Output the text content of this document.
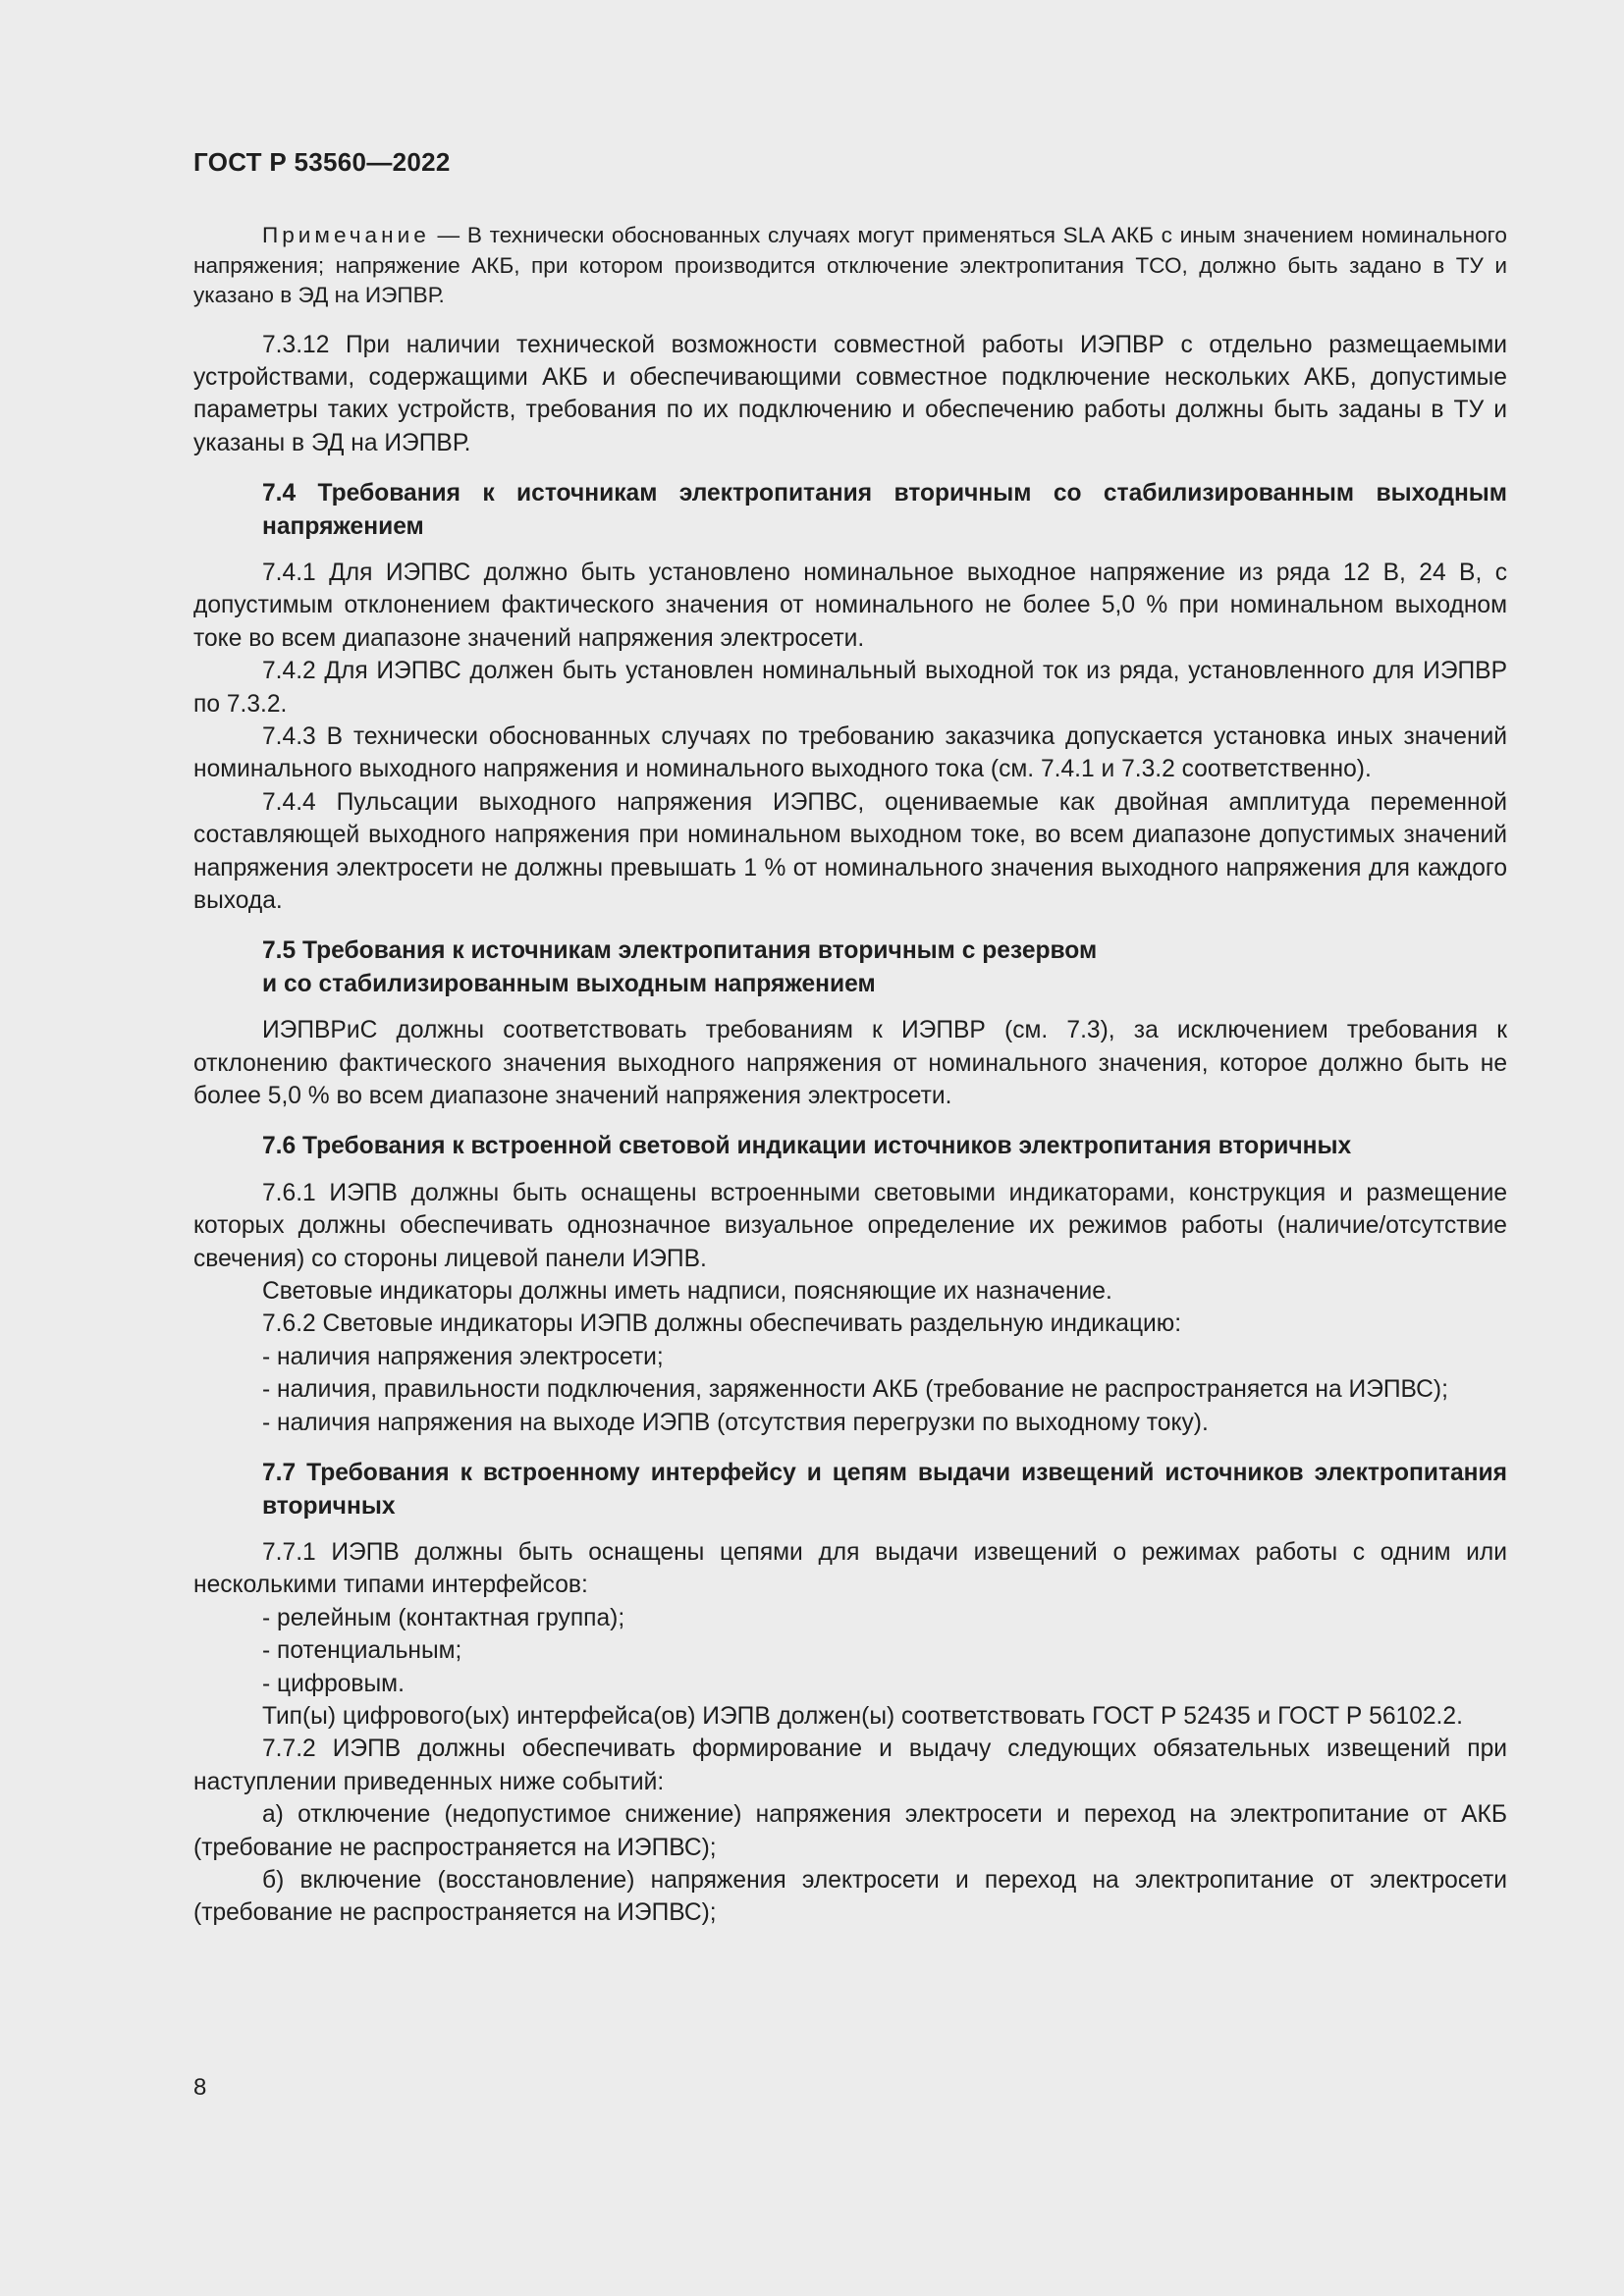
ГОСТ Р 53560—2022

Примечание — В технически обоснованных случаях могут применяться SLA АКБ с иным значением номинального напряжения; напряжение АКБ, при котором производится отключение электропитания ТСО, должно быть задано в ТУ и указано в ЭД на ИЭПВР.

7.3.12 При наличии технической возможности совместной работы ИЭПВР с отдельно размещаемыми устройствами, содержащими АКБ и обеспечивающими совместное подключение нескольких АКБ, допустимые параметры таких устройств, требования по их подключению и обеспечению работы должны быть заданы в ТУ и указаны в ЭД на ИЭПВР.

7.4 Требования к источникам электропитания вторичным со стабилизированным выходным напряжением

7.4.1 Для ИЭПВС должно быть установлено номинальное выходное напряжение из ряда 12 В, 24 В, с допустимым отклонением фактического значения от номинального не более 5,0 % при номинальном выходном токе во всем диапазоне значений напряжения электросети.

7.4.2 Для ИЭПВС должен быть установлен номинальный выходной ток из ряда, установленного для ИЭПВР по 7.3.2.

7.4.3 В технически обоснованных случаях по требованию заказчика допускается установка иных значений номинального выходного напряжения и номинального выходного тока (см. 7.4.1 и 7.3.2 соответственно).

7.4.4 Пульсации выходного напряжения ИЭПВС, оцениваемые как двойная амплитуда переменной составляющей выходного напряжения при номинальном выходном токе, во всем диапазоне допустимых значений напряжения электросети не должны превышать 1 % от номинального значения выходного напряжения для каждого выхода.

7.5 Требования к источникам электропитания вторичным с резервом
и со стабилизированным выходным напряжением

ИЭПВРиС должны соответствовать требованиям к ИЭПВР (см. 7.3), за исключением требования к отклонению фактического значения выходного напряжения от номинального значения, которое должно быть не более 5,0 % во всем диапазоне значений напряжения электросети.

7.6 Требования к встроенной световой индикации источников электропитания вторичных

7.6.1 ИЭПВ должны быть оснащены встроенными световыми индикаторами, конструкция и размещение которых должны обеспечивать однозначное визуальное определение их режимов работы (наличие/отсутствие свечения) со стороны лицевой панели ИЭПВ.

Световые индикаторы должны иметь надписи, поясняющие их назначение.

7.6.2 Световые индикаторы ИЭПВ должны обеспечивать раздельную индикацию:

- наличия напряжения электросети;

- наличия, правильности подключения, заряженности АКБ (требование не распространяется на ИЭПВС);

- наличия напряжения на выходе ИЭПВ (отсутствия перегрузки по выходному току).

7.7 Требования к встроенному интерфейсу и цепям выдачи извещений источников электропитания вторичных

7.7.1 ИЭПВ должны быть оснащены цепями для выдачи извещений о режимах работы с одним или несколькими типами интерфейсов:

- релейным (контактная группа);

- потенциальным;

- цифровым.

Тип(ы) цифрового(ых) интерфейса(ов) ИЭПВ должен(ы) соответствовать ГОСТ Р 52435 и ГОСТ Р 56102.2.

7.7.2 ИЭПВ должны обеспечивать формирование и выдачу следующих обязательных извещений при наступлении приведенных ниже событий:

а) отключение (недопустимое снижение) напряжения электросети и переход на электропитание от АКБ (требование не распространяется на ИЭПВС);

б) включение (восстановление) напряжения электросети и переход на электропитание от электросети (требование не распространяется на ИЭПВС);

8
